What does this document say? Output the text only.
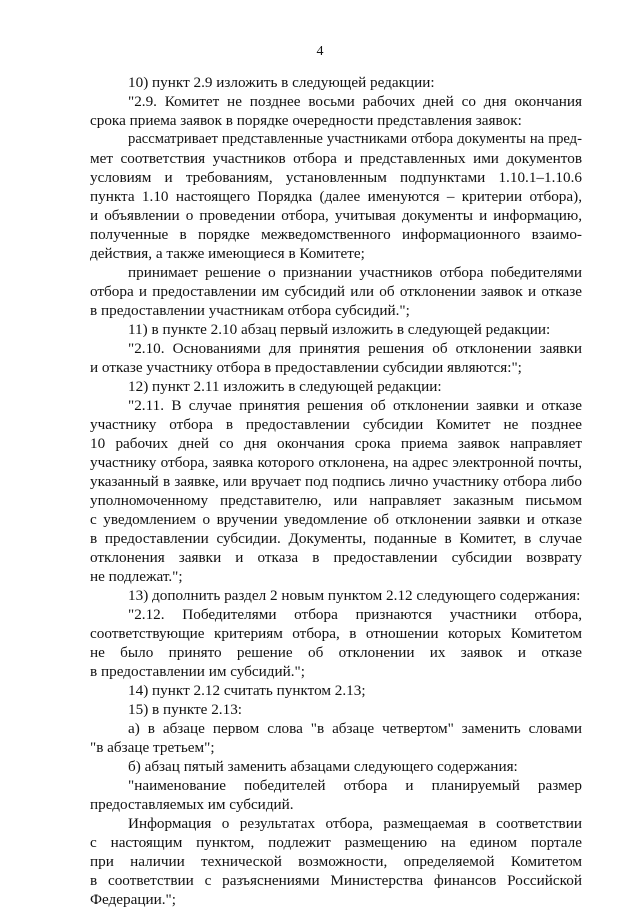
4
10) пункт 2.9 изложить в следующей редакции:
"2.9. Комитет не позднее восьми рабочих дней со дня окончания
срока приема заявок в порядке очередности представления заявок:
рассматривает представленные участниками отбора документы на пред-
мет соответствия участников отбора и представленных ими документов
условиям и требованиям, установленным подпунктами 1.10.1–1.10.6
пункта 1.10 настоящего Порядка (далее именуются – критерии отбора),
и объявлении о проведении отбора, учитывая документы и информацию,
полученные в порядке межведомственного информационного взаимо-
действия, а также имеющиеся в Комитете;
принимает решение о признании участников отбора победителями
отбора и предоставлении им субсидий или об отклонении заявок и отказе
в предоставлении участникам отбора субсидий.";
11) в пункте 2.10 абзац первый изложить в следующей редакции:
"2.10. Основаниями для принятия решения об отклонении заявки
и отказе участнику отбора в предоставлении субсидии являются:";
12) пункт 2.11 изложить в следующей редакции:
"2.11. В случае принятия решения об отклонении заявки и отказе
участнику отбора в предоставлении субсидии Комитет не позднее
10 рабочих дней со дня окончания срока приема заявок направляет
участнику отбора, заявка которого отклонена, на адрес электронной почты,
указанный в заявке, или вручает под подпись лично участнику отбора либо
уполномоченному представителю, или направляет заказным письмом
с уведомлением о вручении уведомление об отклонении заявки и отказе
в предоставлении субсидии. Документы, поданные в Комитет, в случае
отклонения заявки и отказа в предоставлении субсидии возврату
не подлежат.";
13) дополнить раздел 2 новым пунктом 2.12 следующего содержания:
"2.12. Победителями отбора признаются участники отбора,
соответствующие критериям отбора, в отношении которых Комитетом
не было принято решение об отклонении их заявок и отказе
в предоставлении им субсидий.";
14) пункт 2.12 считать пунктом 2.13;
15) в пункте 2.13:
а) в абзаце первом слова "в абзаце четвертом" заменить словами
"в абзаце третьем";
б) абзац пятый заменить абзацами следующего содержания:
"наименование победителей отбора и планируемый размер
предоставляемых им субсидий.
Информация о результатах отбора, размещаемая в соответствии
с настоящим пунктом, подлежит размещению на едином портале
при наличии технической возможности, определяемой Комитетом
в соответствии с разъяснениями Министерства финансов Российской
Федерации.";
